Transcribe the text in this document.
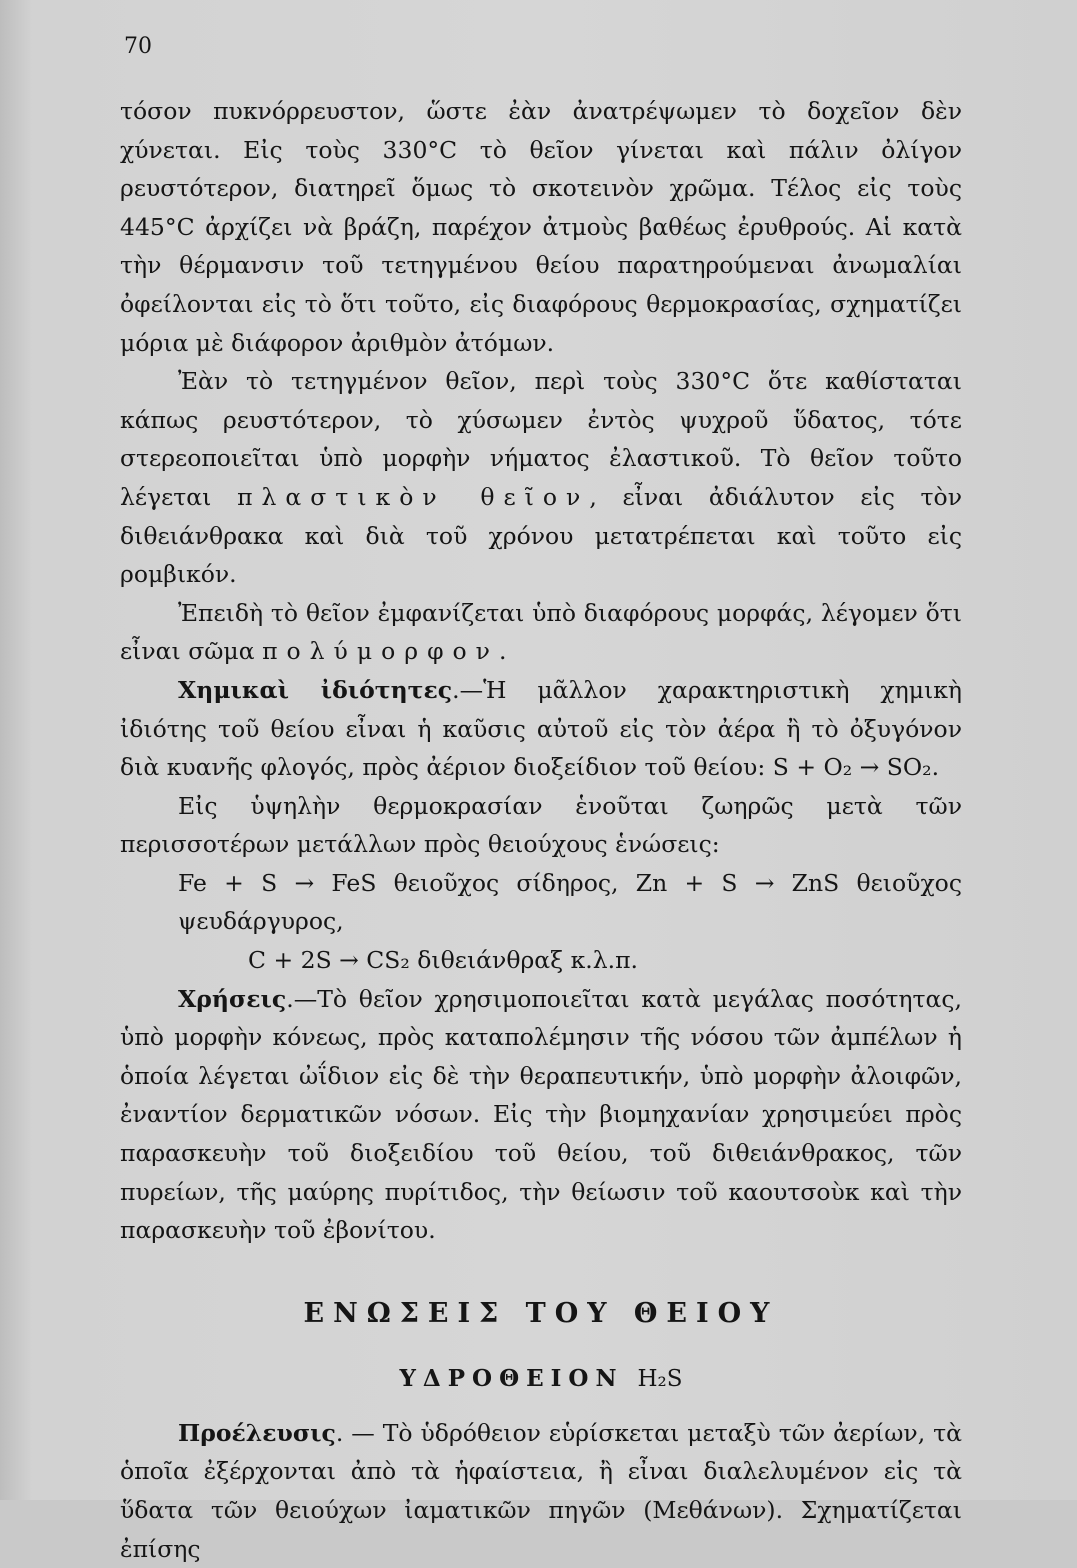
70

τόσον πυκνόρρευστον, ὥστε ἐὰν ἀνατρέψωμεν τὸ δοχεῖον δὲν χύνεται. Εἰς τοὺς 330°C τὸ θεῖον γίνεται καὶ πάλιν ὀλίγον ρευστότερον, διατηρεῖ ὅμως τὸ σκοτεινὸν χρῶμα. Τέλος εἰς τοὺς 445°C ἀρχίζει νὰ βράζη, παρέχον ἀτμοὺς βαθέως ἐρυθρούς. Αἱ κατὰ τὴν θέρμανσιν τοῦ τετηγμένου θείου παρατηρούμεναι ἀνωμαλίαι ὀφείλονται εἰς τὸ ὅτι τοῦτο, εἰς διαφόρους θερμοκρασίας, σχηματίζει μόρια μὲ διάφορον ἀριθμὸν ἀτόμων.

Ἐὰν τὸ τετηγμένον θεῖον, περὶ τοὺς 330°C ὅτε καθίσταται κάπως ρευστότερον, τὸ χύσωμεν ἐντὸς ψυχροῦ ὕδατος, τότε στερεοποιεῖται ὑπὸ μορφὴν νήματος ἐλαστικοῦ. Τὸ θεῖον τοῦτο λέγεται πλαστικὸν θεῖον, εἶναι ἀδιάλυτον εἰς τὸν διθειάνθρακα καὶ διὰ τοῦ χρόνου μετατρέπεται καὶ τοῦτο εἰς ρομβικόν.

Ἐπειδὴ τὸ θεῖον ἐμφανίζεται ὑπὸ διαφόρους μορφάς, λέγομεν ὅτι εἶναι σῶμα πολύμορφον.

Χημικαὶ ἰδιότητες.—Ἡ μᾶλλον χαρακτηριστικὴ χημικὴ ἰδιότης τοῦ θείου εἶναι ἡ καῦσις αὐτοῦ εἰς τὸν ἀέρα ἢ τὸ ὀξυγόνον διὰ κυανῆς φλογός, πρὸς ἀέριον διοξείδιον τοῦ θείου: S + O₂ → SO₂.

Εἰς ὑψηλὴν θερμοκρασίαν ἑνοῦται ζωηρῶς μετὰ τῶν περισσοτέρων μετάλλων πρὸς θειούχους ἑνώσεις:

Fe + S → FeS θειοῦχος σίδηρος, Zn + S → ZnS θειοῦχος ψευδάργυρος,
C + 2S → CS₂ διθειάνθραξ κ.λ.π.

Χρήσεις.—Τὸ θεῖον χρησιμοποιεῖται κατὰ μεγάλας ποσότητας, ὑπὸ μορφὴν κόνεως, πρὸς καταπολέμησιν τῆς νόσου τῶν ἀμπέλων ἡ ὁποία λέγεται ὠΐδιον εἰς δὲ τὴν θεραπευτικήν, ὑπὸ μορφὴν ἀλοιφῶν, ἐναντίον δερματικῶν νόσων. Εἰς τὴν βιομηχανίαν χρησιμεύει πρὸς παρασκευὴν τοῦ διοξειδίου τοῦ θείου, τοῦ διθειάνθρακος, τῶν πυρείων, τῆς μαύρης πυρίτιδος, τὴν θείωσιν τοῦ καουτσοὺκ καὶ τὴν παρασκευὴν τοῦ ἐβονίτου.

ΕΝΩΣΕΙΣ ΤΟΥ ΘΕΙΟΥ
ΥΔΡΟΘΕΙΟΝ H₂S

Προέλευσις. — Τὸ ὑδρόθειον εὑρίσκεται μεταξὺ τῶν ἀερίων, τὰ ὁποῖα ἐξέρχονται ἀπὸ τὰ ἡφαίστεια, ἢ εἶναι διαλελυμένον εἰς τὰ ὕδατα τῶν θειούχων ἰαματικῶν πηγῶν (Μεθάνων). Σχηματίζεται ἐπίσης
